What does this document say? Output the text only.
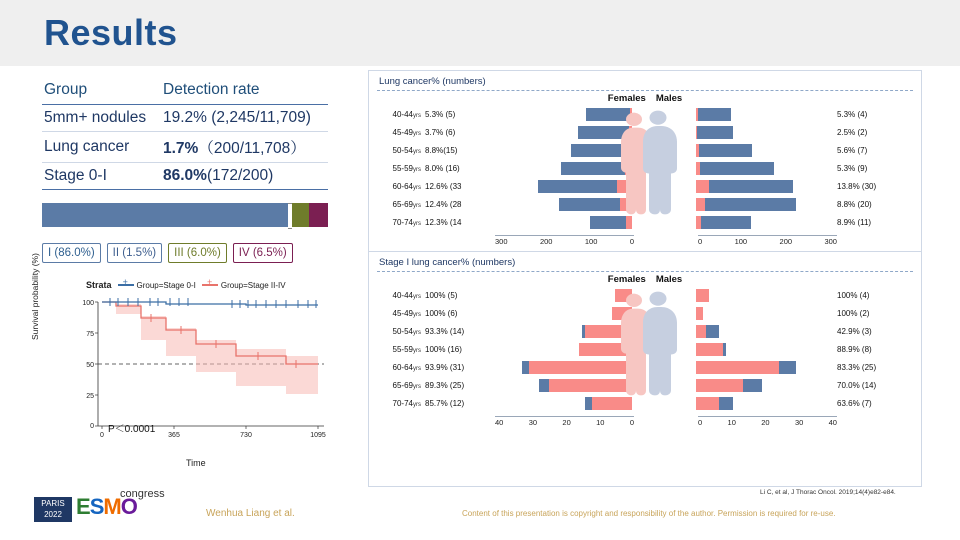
Results
Group	Detection rate
5mm+ nodules	19.2% (2,245/11,709)
Lung cancer	1.7%（200/11,708）
Stage 0-I	86.0%(172/200)
I (86.0%)	II (1.5%)	III (6.0%)	IV (6.5%)
Strata +	Group=Stage 0-I +	Group=Stage II-IV
Survival probability (%)	100
75
50
25
0
0	365	730	1095
P＜0.0001
Time
Lung cancer% (numbers)
Females Males
40-44yrs 5.3% (5)	5.3% (4)
45-49yrs 3.7% (6)	2.5% (2)
50-54yrs 8.8%(15)	5.6% (7)
55-59yrs 8.0% (16)	5.3% (9)
60-64yrs 12.6% (33	13.8% (30)
65-69yrs 12.4% (28	8.8% (20)
70-74yrs 12.3% (14	8.9% (11)
300	200	100	0	0	100	200	300
Stage I lung cancer% (numbers)
Females Males
40-44yrs 100% (5)	100% (4)
45-49yrs 100% (6)	100% (2)
50-54yrs 93.3% (14)	42.9% (3)
55-59yrs 100% (16)	88.9% (8)
60-64yrs 93.9% (31)	83.3% (25)
65-69yrs 89.3% (25)	70.0% (14)
70-74yrs 85.7% (12)	63.6% (7)
40	30	20	10	0	0	10	20	30	40
Li C, et al, J Thorac Oncol. 2019;14(4)e82-e84.
PARIS
2022 ESMO
congress
Wenhua Liang et al.	Content of this presentation is copyright and responsibility of the author. Permission is required for re-use.
